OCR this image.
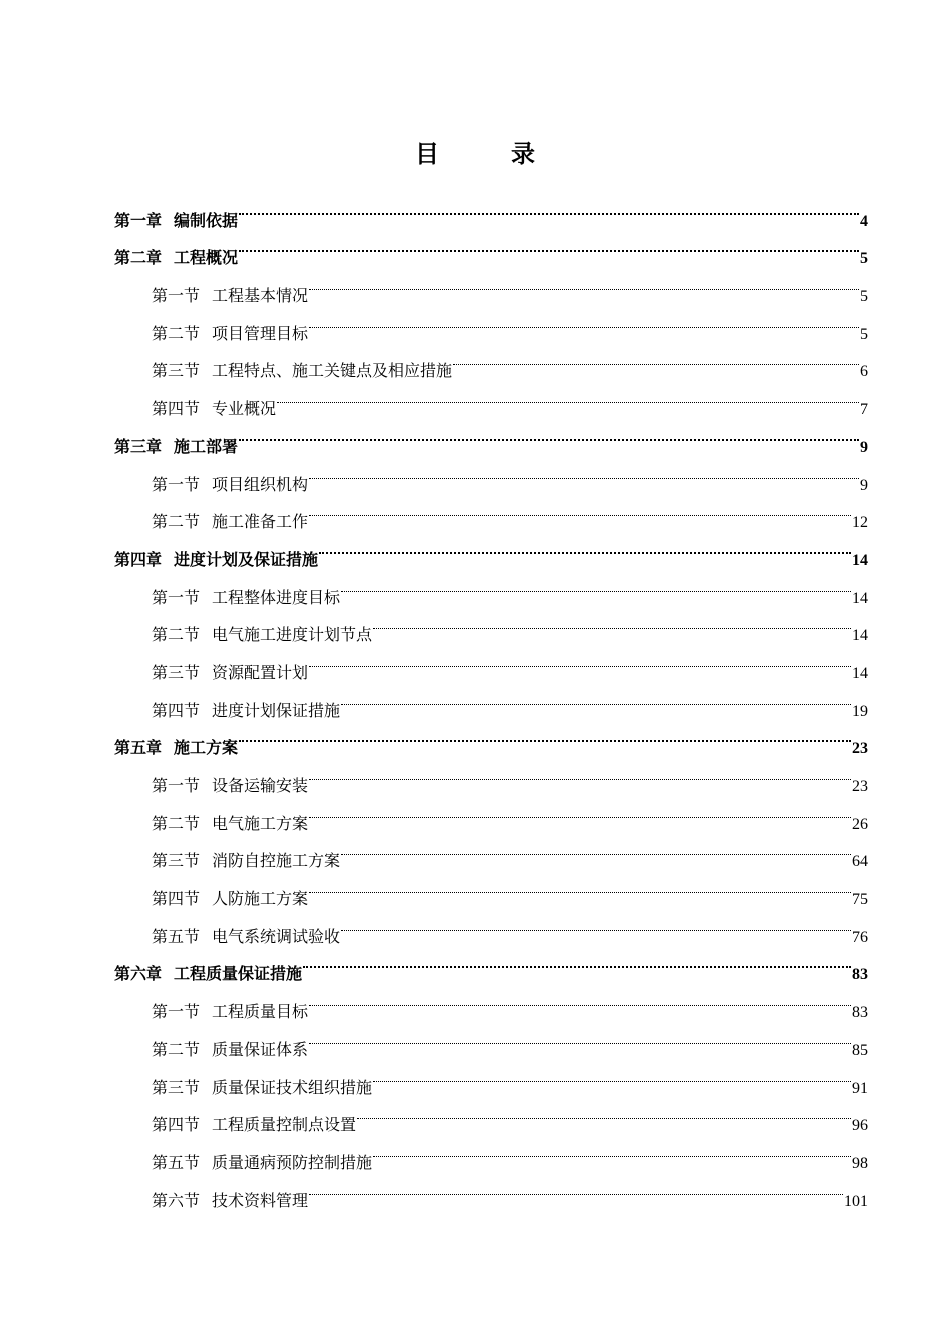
目　录
第一章 编制依据	4
第二章 工程概况	5
第一节 工程基本情况	5
第二节 项目管理目标	5
第三节 工程特点、施工关键点及相应措施	6
第四节 专业概况	7
第三章 施工部署	9
第一节 项目组织机构	9
第二节 施工准备工作	12
第四章 进度计划及保证措施	14
第一节 工程整体进度目标	14
第二节 电气施工进度计划节点	14
第三节 资源配置计划	14
第四节 进度计划保证措施	19
第五章 施工方案	23
第一节 设备运输安装	23
第二节 电气施工方案	26
第三节 消防自控施工方案	64
第四节 人防施工方案	75
第五节 电气系统调试验收	76
第六章 工程质量保证措施	83
第一节 工程质量目标	83
第二节 质量保证体系	85
第三节 质量保证技术组织措施	91
第四节 工程质量控制点设置	96
第五节 质量通病预防控制措施	98
第六节 技术资料管理	101
